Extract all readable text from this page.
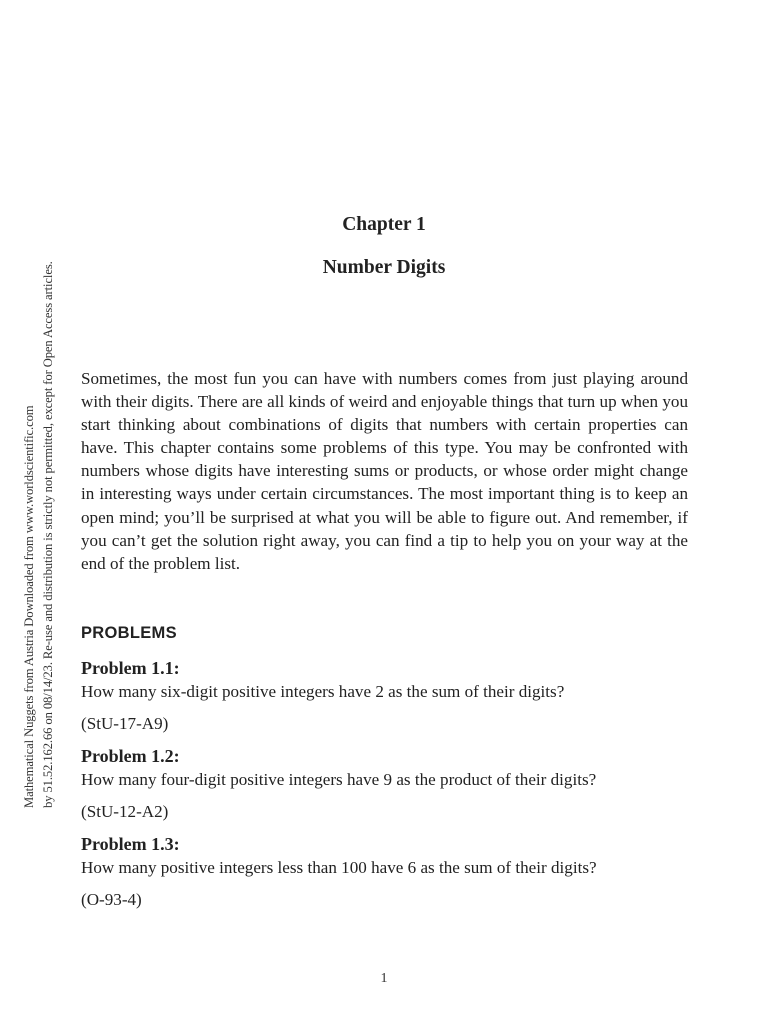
Mathematical Nuggets from Austria Downloaded from www.worldscientific.com by 51.52.162.66 on 08/14/23. Re-use and distribution is strictly not permitted, except for Open Access articles.
Chapter 1
Number Digits

Sometimes, the most fun you can have with numbers comes from just playing around with their digits. There are all kinds of weird and enjoyable things that turn up when you start thinking about combinations of digits that numbers with certain properties can have. This chapter contains some problems of this type. You may be confronted with numbers whose digits have interesting sums or products, or whose order might change in interesting ways under certain circumstances. The most important thing is to keep an open mind; you’ll be surprised at what you will be able to figure out. And remember, if you can’t get the solution right away, you can find a tip to help you on your way at the end of the problem list.

PROBLEMS
Problem 1.1:
How many six-digit positive integers have 2 as the sum of their digits?
(StU-17-A9)
Problem 1.2:
How many four-digit positive integers have 9 as the product of their digits?
(StU-12-A2)
Problem 1.3:
How many positive integers less than 100 have 6 as the sum of their digits?
(O-93-4)
1
